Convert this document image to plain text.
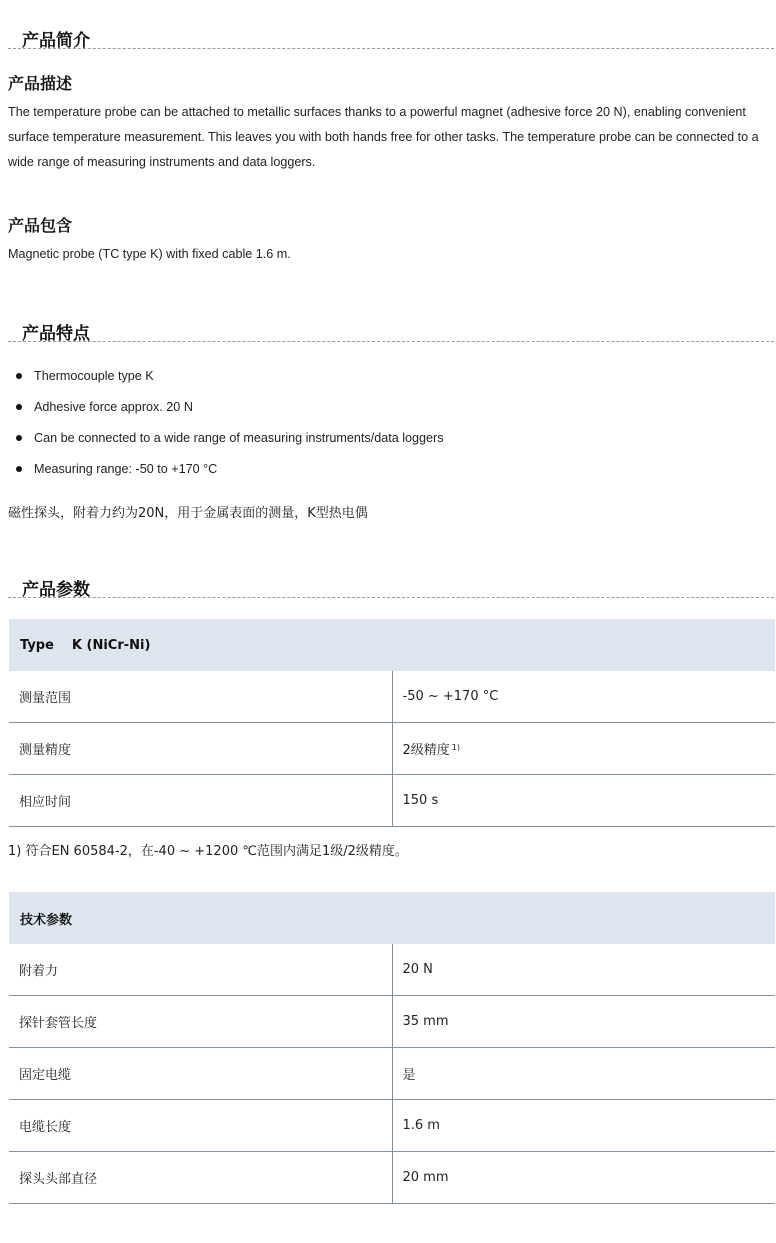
产品简介
产品描述

The temperature probe can be attached to metallic surfaces thanks to a powerful magnet (adhesive force 20 N), enabling convenient surface temperature measurement. This leaves you with both hands free for other tasks. The temperature probe can be connected to a wide range of measuring instruments and data loggers.

产品包含

Magnetic probe (TC type K) with fixed cable 1.6 m.

产品特点
Thermocouple type K
Adhesive force approx. 20 N
Can be connected to a wide range of measuring instruments/data loggers
Measuring range: -50 to +170 °C
磁性探头，附着力约为20N，用于金属表面的测量，K型热电偶
产品参数
Type K (NiCr-Ni)	
测量范围	-50 ~ +170 °C
测量精度	2级精度 $^{1)}$
相应时间	150 s
1) 符合EN 60584-2，在-40 ~ +1200 ℃范围内满足1级/2级精度。
技术参数	
附着力	20 N
探针套管长度	35 mm
固定电缆	是
电缆长度	1.6 m
探头头部直径	20 mm
